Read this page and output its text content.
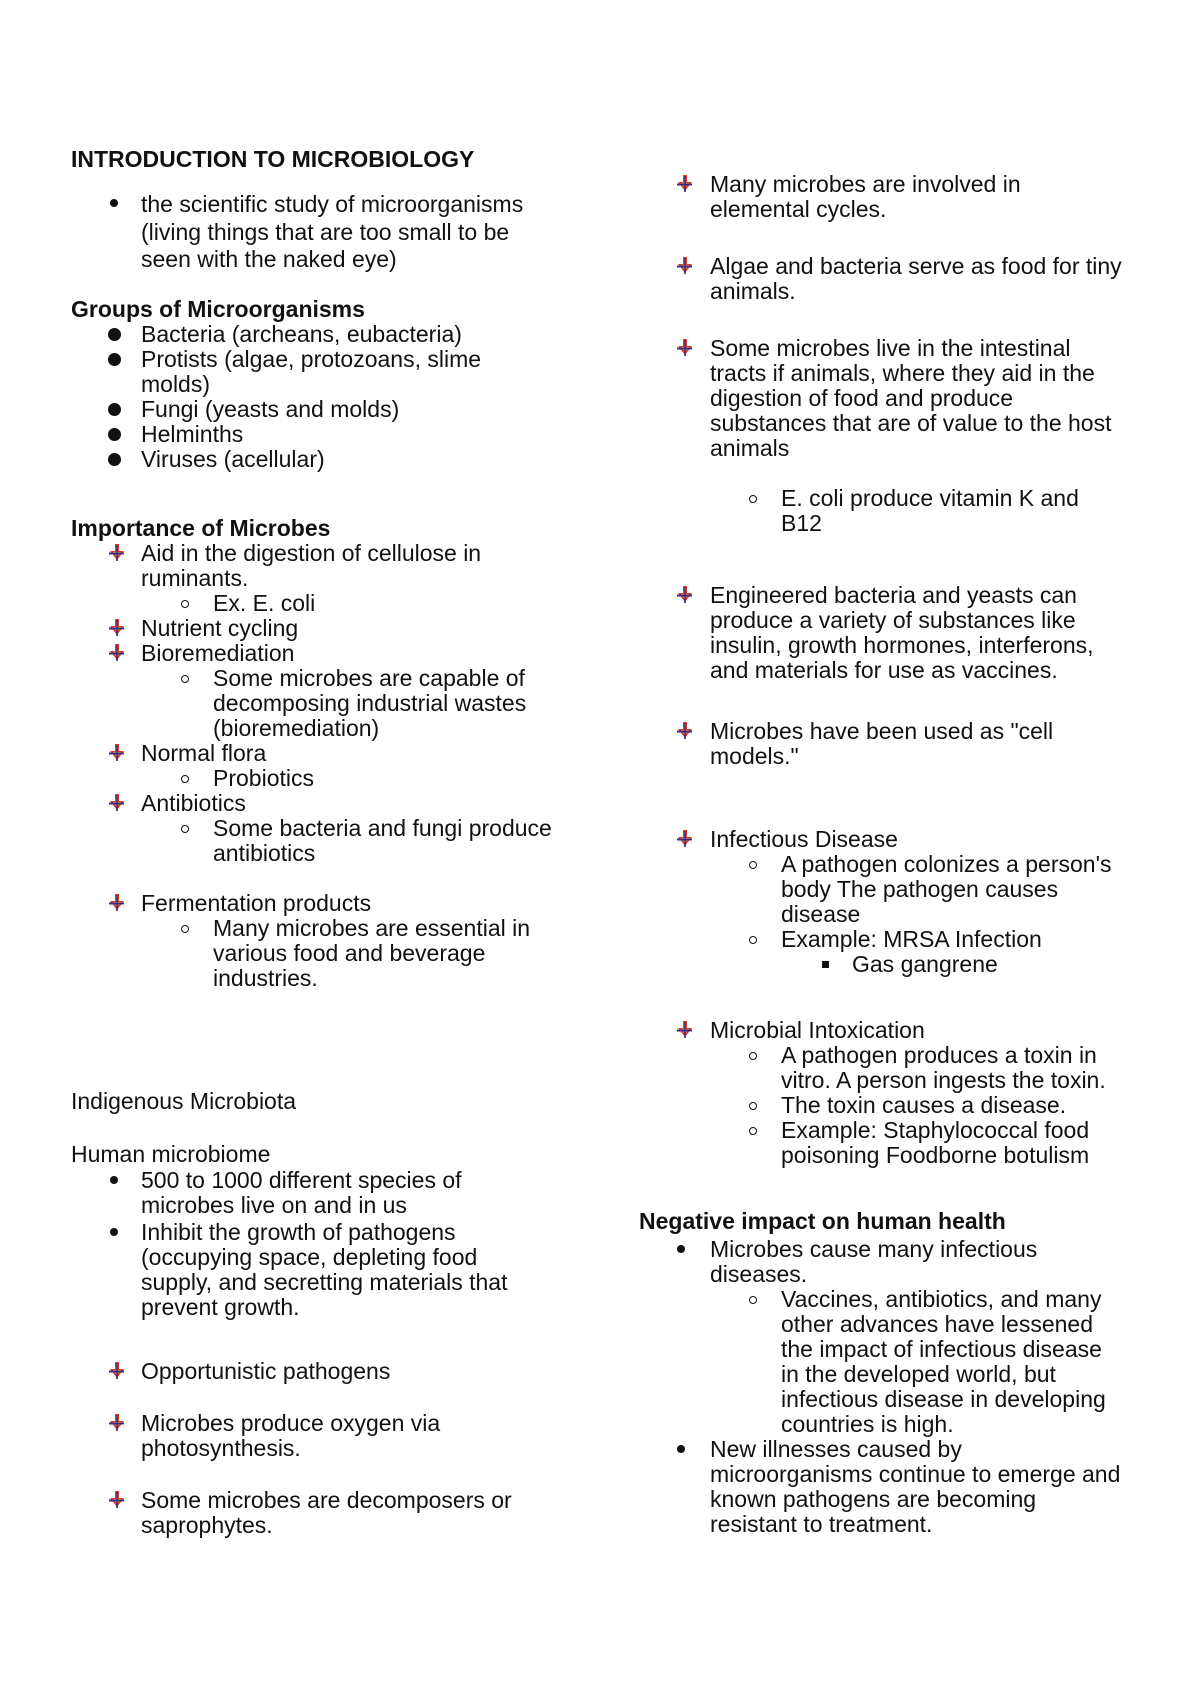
INTRODUCTION TO MICROBIOLOGY
the scientific study of microorganisms
(living things that are too small to be
seen with the naked eye)
Groups of Microorganisms
Bacteria (archeans, eubacteria)
Protists (algae, protozoans, slime
molds)
Fungi (yeasts and molds)
Helminths
Viruses (acellular)
Importance of Microbes
Aid in the digestion of cellulose in
ruminants.
Ex. E. coli
Nutrient cycling
Bioremediation
Some microbes are capable of
decomposing industrial wastes
(bioremediation)
Normal flora
Probiotics
Antibiotics
Some bacteria and fungi produce
antibiotics
Fermentation products
Many microbes are essential in
various food and beverage
industries.
Indigenous Microbiota
Human microbiome
500 to 1000 different species of
microbes live on and in us
Inhibit the growth of pathogens
(occupying space, depleting food
supply, and secretting materials that
prevent growth.
Opportunistic pathogens
Microbes produce oxygen via
photosynthesis.
Some microbes are decomposers or
saprophytes.
Many microbes are involved in
elemental cycles.
Algae and bacteria serve as food for tiny
animals.
Some microbes live in the intestinal
tracts if animals, where they aid in the
digestion of food and produce
substances that are of value to the host
animals
E. coli produce vitamin K and
B12
Engineered bacteria and yeasts can
produce a variety of substances like
insulin, growth hormones, interferons,
and materials for use as vaccines.
Microbes have been used as "cell
models."
Infectious Disease
A pathogen colonizes a person's
body The pathogen causes
disease
Example: MRSA Infection
Gas gangrene
Microbial Intoxication
A pathogen produces a toxin in
vitro. A person ingests the toxin.
The toxin causes a disease.
Example: Staphylococcal food
poisoning Foodborne botulism
Negative impact on human health
Microbes cause many infectious
diseases.
Vaccines, antibiotics, and many
other advances have lessened
the impact of infectious disease
in the developed world, but
infectious disease in developing
countries is high.
New illnesses caused by
microorganisms continue to emerge and
known pathogens are becoming
resistant to treatment.
